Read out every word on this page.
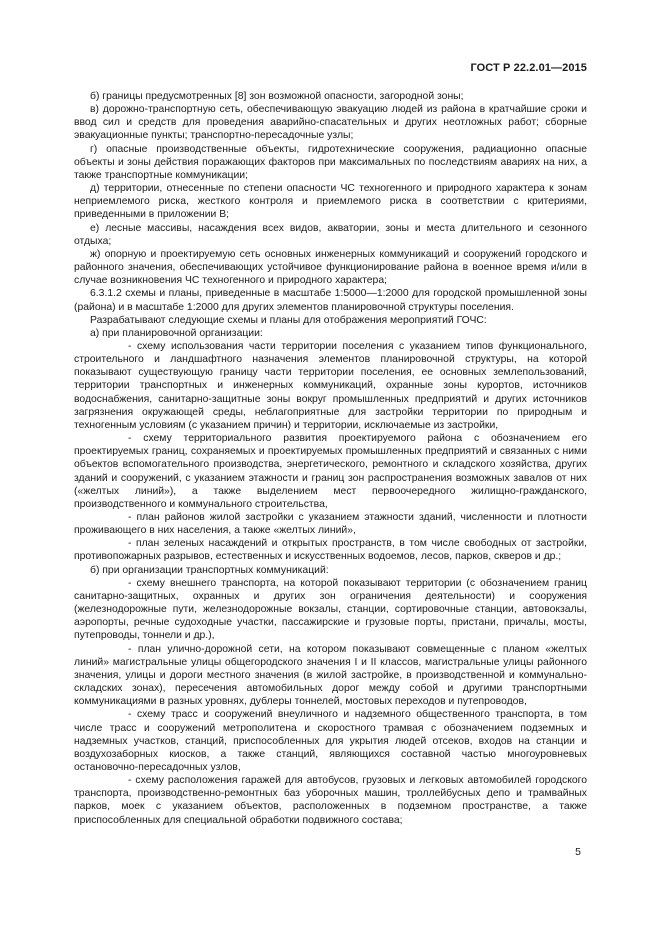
ГОСТ Р 22.2.01—2015

б) границы предусмотренных [8] зон возможной опасности, загородной зоны;

в) дорожно-транспортную сеть, обеспечивающую эвакуацию людей из района в кратчайшие сроки и ввод сил и средств для проведения аварийно-спасательных и других неотложных работ; сборные эвакуационные пункты; транспортно-пересадочные узлы;

г) опасные производственные объекты, гидротехнические сооружения, радиационно опасные объекты и зоны действия поражающих факторов при максимальных по последствиям авариях на них, а также транспортные коммуникации;

д) территории, отнесенные по степени опасности ЧС техногенного и природного характера к зонам неприемлемого риска, жесткого контроля и приемлемого риска в соответствии с критериями, приведенными в приложении В;

е) лесные массивы, насаждения всех видов, акватории, зоны и места длительного и сезонного отдыха;

ж) опорную и проектируемую сеть основных инженерных коммуникаций и сооружений городского и районного значения, обеспечивающих устойчивое функционирование района в военное время и/или в случае возникновения ЧС техногенного и природного характера;

6.3.1.2 схемы и планы, приведенные в масштабе 1:5000—1:2000 для городской промышленной зоны (района) и в масштабе 1:2000 для других элементов планировочной структуры поселения.

Разрабатывают следующие схемы и планы для отображения мероприятий ГОЧС:

а) при планировочной организации:

- схему использования части территории поселения с указанием типов функционального, строительного и ландшафтного назначения элементов планировочной структуры, на которой показывают существующую границу части территории поселения, ее основных землепользований, территории транспортных и инженерных коммуникаций, охранные зоны курортов, источников водоснабжения, санитарно-защитные зоны вокруг промышленных предприятий и других источников загрязнения окружающей среды, неблагоприятные для застройки территории по природным и техногенным условиям (с указанием причин) и территории, исключаемые из застройки,

- схему территориального развития проектируемого района с обозначением его проектируемых границ, сохраняемых и проектируемых промышленных предприятий и связанных с ними объектов вспомогательного производства, энергетического, ремонтного и складского хозяйства, других зданий и сооружений, с указанием этажности и границ зон распространения возможных завалов от них («желтых линий»), а также выделением мест первоочередного жилищно-гражданского, производственного и коммунального строительства,

- план районов жилой застройки с указанием этажности зданий, численности и плотности проживающего в них населения, а также «желтых линий»,

- план зеленых насаждений и открытых пространств, в том числе свободных от застройки, противопожарных разрывов, естественных и искусственных водоемов, лесов, парков, скверов и др.;

б) при организации транспортных коммуникаций:

- схему внешнего транспорта, на которой показывают территории (с обозначением границ санитарно-защитных, охранных и других зон ограничения деятельности) и сооружения (железнодорожные пути, железнодорожные вокзалы, станции, сортировочные станции, автовокзалы, аэропорты, речные судоходные участки, пассажирские и грузовые порты, пристани, причалы, мосты, путепроводы, тоннели и др.),

- план улично-дорожной сети, на котором показывают совмещенные с планом «желтых линий» магистральные улицы общегородского значения I и II классов, магистральные улицы районного значения, улицы и дороги местного значения (в жилой застройке, в производственной и коммунально-складских зонах), пересечения автомобильных дорог между собой и другими транспортными коммуникациями в разных уровнях, дублеры тоннелей, мостовых переходов и путепроводов,

- схему трасс и сооружений внеуличного и надземного общественного транспорта, в том числе трасс и сооружений метрополитена и скоростного трамвая с обозначением подземных и надземных участков, станций, приспособленных для укрытия людей отсеков, входов на станции и воздухозаборных киосков, а также станций, являющихся составной частью многоуровневых остановочно-пересадочных узлов,

- схему расположения гаражей для автобусов, грузовых и легковых автомобилей городского транспорта, производственно-ремонтных баз уборочных машин, троллейбусных депо и трамвайных парков, моек с указанием объектов, расположенных в подземном пространстве, а также приспособленных для специальной обработки подвижного состава;

5
